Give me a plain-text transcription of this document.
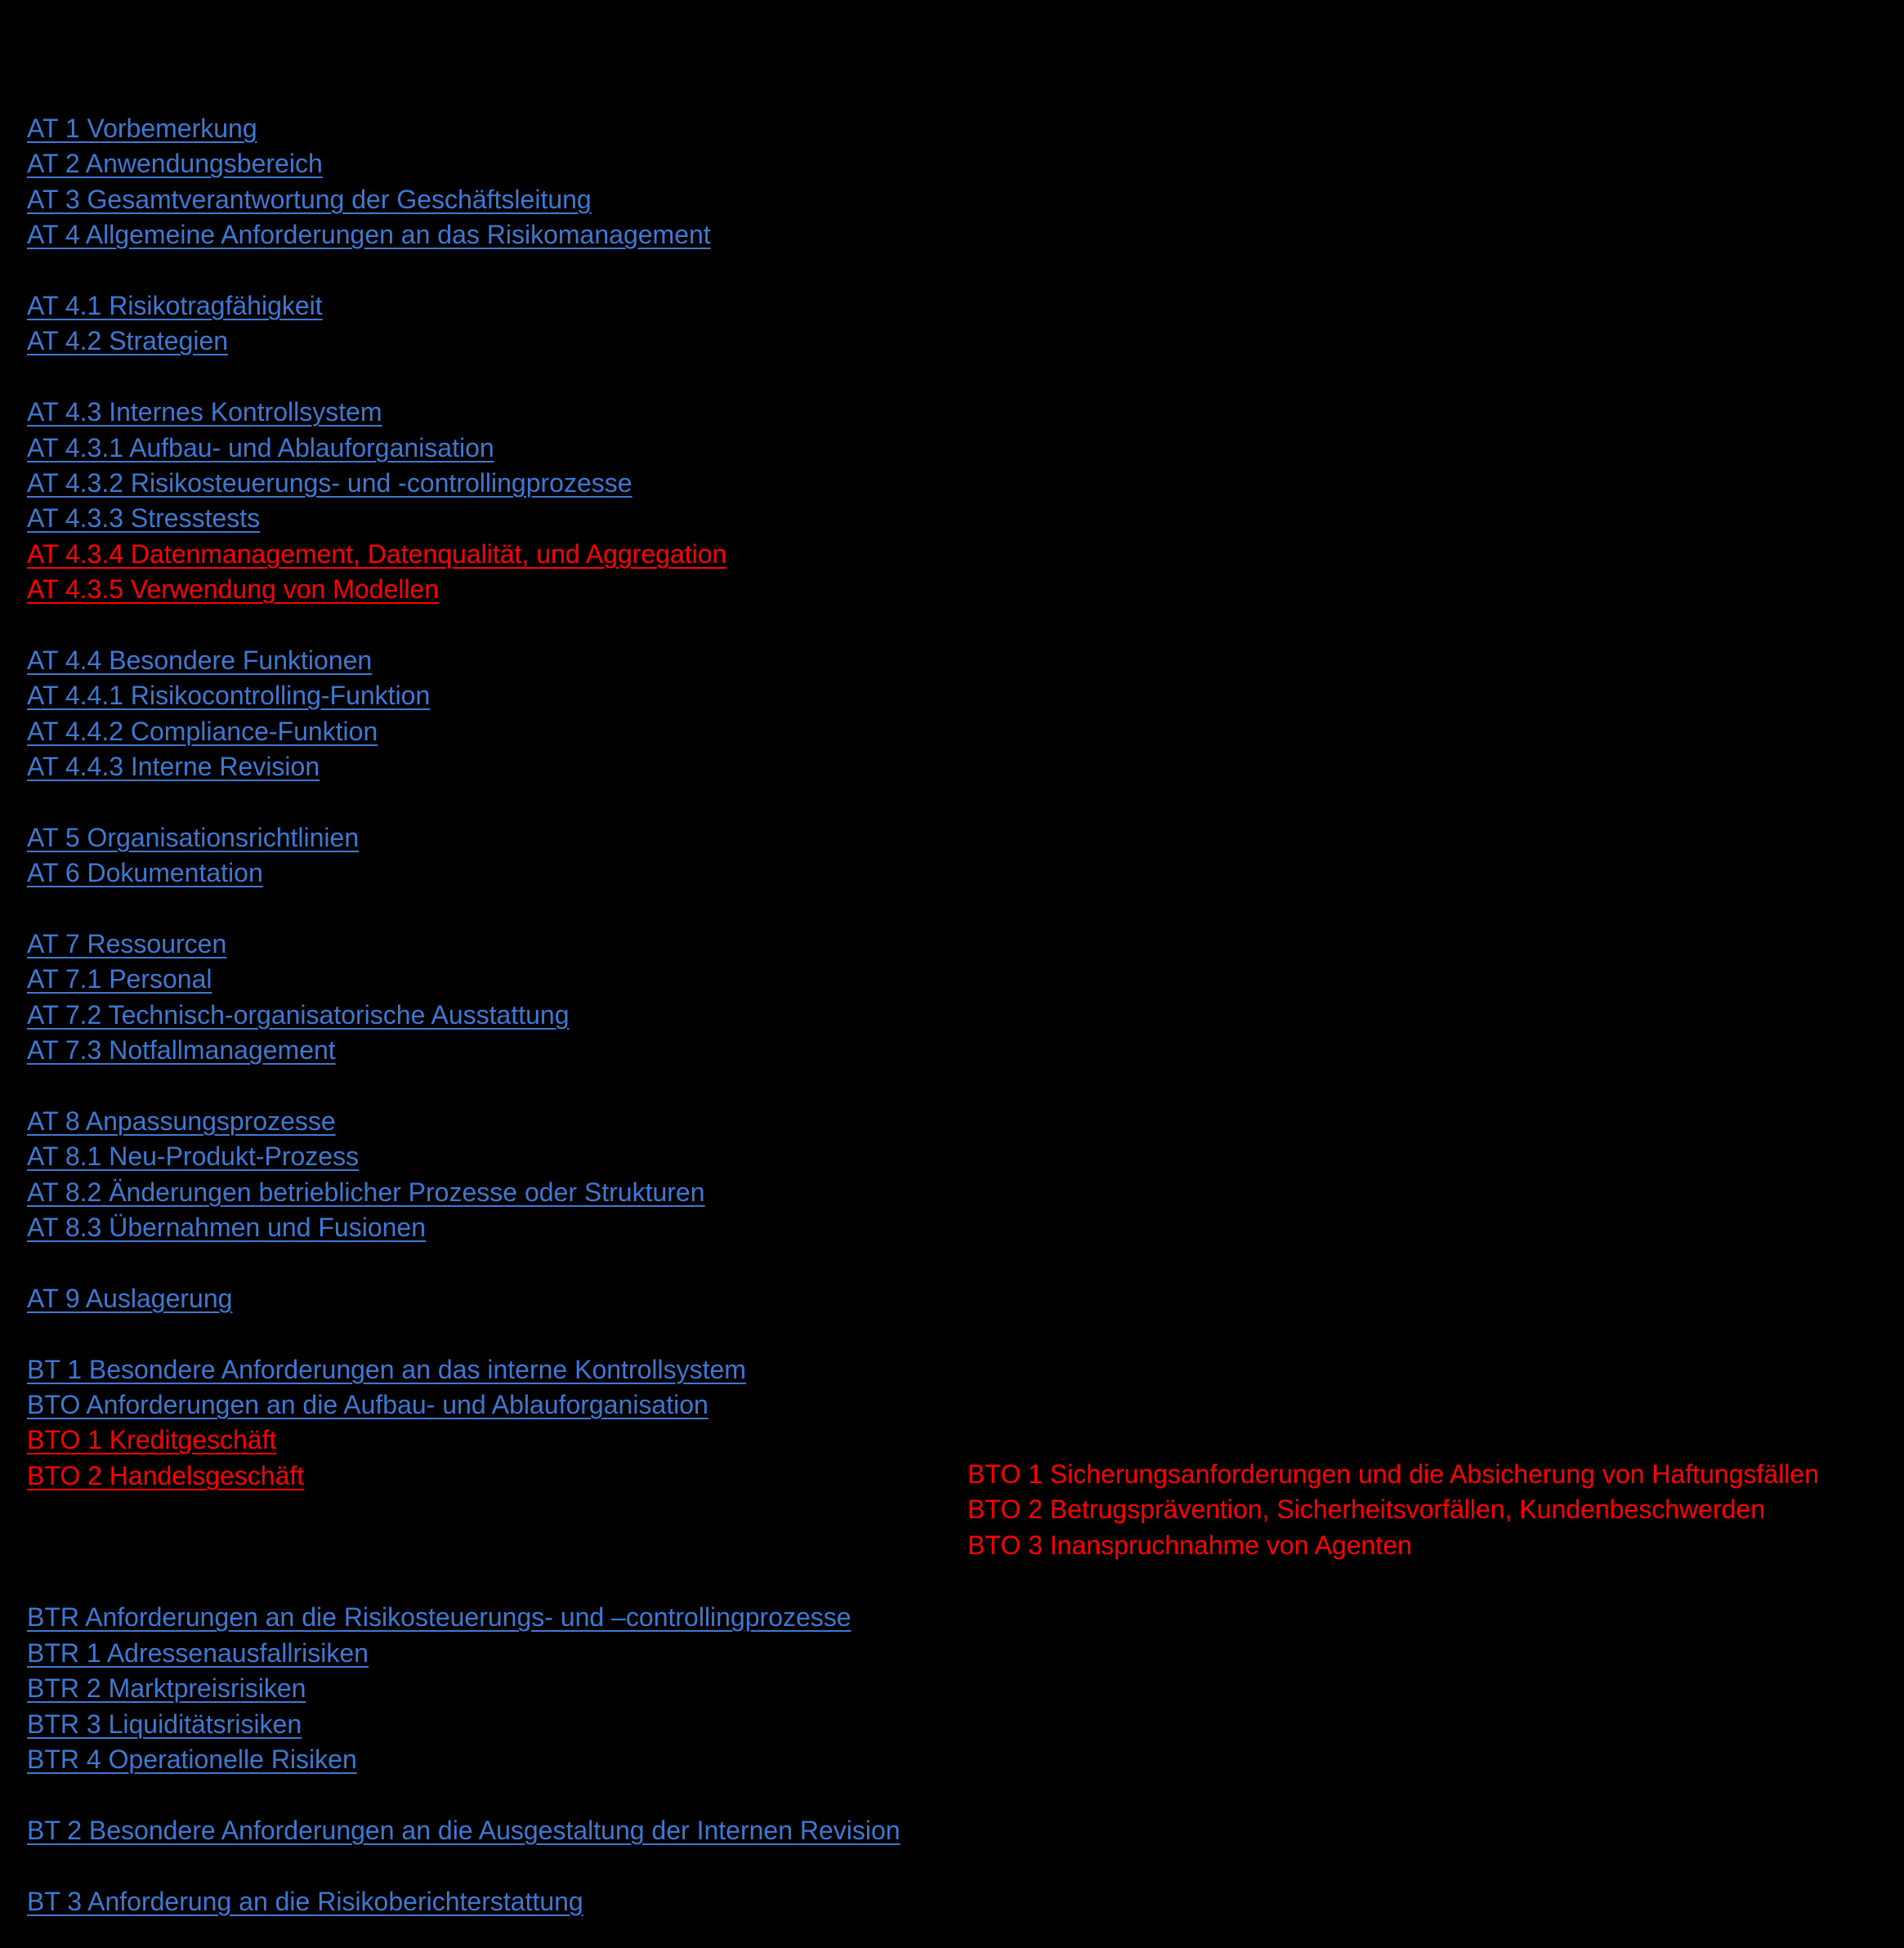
AT 1 Vorbemerkung
AT 2 Anwendungsbereich
AT 3 Gesamtverantwortung der Geschäftsleitung
AT 4 Allgemeine Anforderungen an das Risikomanagement
AT 4.1 Risikotragfähigkeit
AT 4.2 Strategien
AT 4.3 Internes Kontrollsystem
AT 4.3.1 Aufbau- und Ablauforganisation
AT 4.3.2 Risikosteuerungs- und -controllingprozesse
AT 4.3.3 Stresstests
AT 4.3.4 Datenmanagement, Datenqualität, und Aggregation
AT 4.3.5 Verwendung von Modellen
AT 4.4 Besondere Funktionen
AT 4.4.1 Risikocontrolling-Funktion
AT 4.4.2 Compliance-Funktion
AT 4.4.3 Interne Revision
AT 5 Organisationsrichtlinien
AT 6 Dokumentation
AT 7 Ressourcen
AT 7.1 Personal
AT 7.2 Technisch-organisatorische Ausstattung
AT 7.3 Notfallmanagement
AT 8 Anpassungsprozesse
AT 8.1 Neu-Produkt-Prozess
AT 8.2 Änderungen betrieblicher Prozesse oder Strukturen
AT 8.3 Übernahmen und Fusionen
AT 9 Auslagerung
BT 1 Besondere Anforderungen an das interne Kontrollsystem
BTO Anforderungen an die Aufbau- und Ablauforganisation
BTO 1 Kreditgeschäft
BTO 2 Handelsgeschäft
BTR Anforderungen an die Risikosteuerungs- und –controllingprozesse
BTR 1 Adressenausfallrisiken
BTR 2 Marktpreisrisiken
BTR 3 Liquiditätsrisiken
BTR 4 Operationelle Risiken
BT 2 Besondere Anforderungen an die Ausgestaltung der Internen Revision
BT 3 Anforderung an die Risikoberichterstattung
BTO 1 Sicherungsanforderungen und die Absicherung von Haftungsfällen
BTO 2 Betrugsprävention, Sicherheitsvorfällen, Kundenbeschwerden
BTO 3 Inanspruchnahme von Agenten
